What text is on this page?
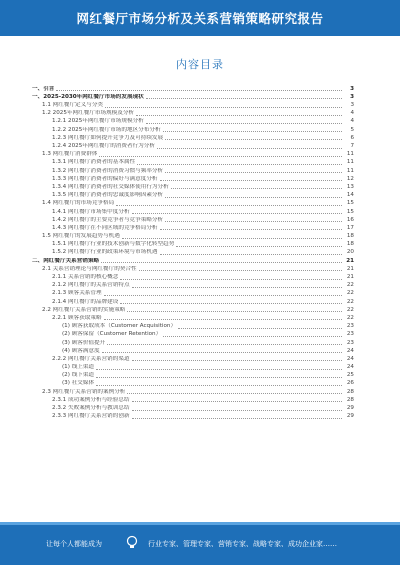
网红餐厅市场分析及关系营销策略研究报告
内容目录
一、引言	3
一、2025-2030年网红餐厅市场的发展现状	3
1.1 网红餐厅定义与分类	3
1.2 2025年网红餐厅市场规模及分析	4
1.2.1 2025年网红餐厅市场规模分析	4
1.2.2 2025年网红餐厅市场的地区分布分析	5
1.2.3 网红餐厅如何提升竞争力及可持续发展	6
1.2.4 2025年网红餐厅的消费者行为分析	7
1.3 网红餐厅消费群体	11
1.3.1 网红餐厅消费者的基本属性	11
1.3.2 网红餐厅消费者的消费习惯与频率分析	11
1.3.3 网红餐厅消费者的偏好与满意度分析	12
1.3.4 网红餐厅消费者的社交媒体使用行为分析	13
1.3.5 网红餐厅消费者的忠诚度影响因素分析	14
1.4 网红餐厅的市场竞争格局	15
1.4.1 网红餐厅市场集中度分析	15
1.4.2 网红餐厅的主要竞争者与竞争策略分析	16
1.4.3 网红餐厅在不同区域的竞争格局分析	17
1.5 网红餐厅的发展趋势与机遇	18
1.5.1 网红餐厅行业的技术创新与数字化转型趋势	18
1.5.2 网红餐厅行业的政策环境与市场机遇	20
二、网红餐厅关系营销策略	21
2.1 关系营销理论与网红餐厅的契合性	21
2.1.1 关系营销的核心概念	21
2.1.2 网红餐厅的关系营销特点	22
2.1.3 顾客关系管理	22
2.1.4 网红餐厅的品牌建设	22
2.2 网红餐厅关系营销的实施策略	22
2.2.1 顾客获取策略	22
(1) 顾客获取成本（Customer Acquisition）	23
(2) 顾客保留（Customer Retention）	23
(3) 顾客价值提升	23
(4) 顾客满意度	24
2.2.2 网红餐厅关系营销的渠道	24
(1) 线上渠道	24
(2) 线下渠道	25
(3) 社交媒体	26
2.3 网红餐厅关系营销的案例分析	28
2.3.1 成功案例分析与经验总结	28
2.3.2 失败案例分析与教训总结	29
2.3.3 网红餐厅关系营销的创新	29
让每个人都能成为	行业专家、管理专家、营销专家、战略专家、成功企业家……
